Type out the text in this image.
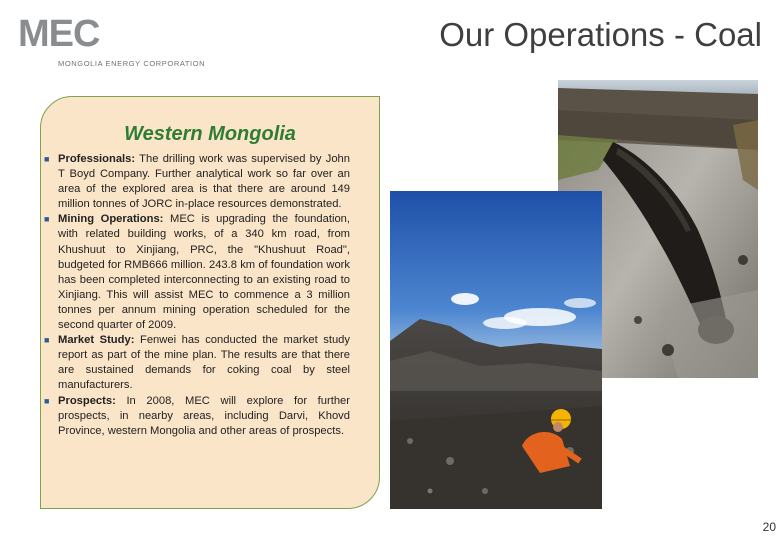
MEC
MONGOLIA ENERGY CORPORATION
Our Operations - Coal
Western Mongolia
■ Professionals: The drilling work was supervised by John T Boyd Company. Further analytical work so far over an area of the explored area is that there are around 149 million tonnes of JORC in-place resources demonstrated.
■ Mining Operations: MEC is upgrading the foundation, with related building works, of a 340 km road, from Khushuut to Xinjiang, PRC, the "Khushuut Road", budgeted for RMB666 million. 243.8 km of foundation work has been completed interconnecting to an existing road to Xinjiang. This will assist MEC to commence a 3 million tonnes per annum mining operation scheduled for the second quarter of 2009.
■ Market Study: Fenwei has conducted the market study report as part of the mine plan. The results are that there are sustained demands for coking coal by steel manufacturers.
■ Prospects: In 2008, MEC will explore for further prospects, in nearby areas, including Darvi, Khovd Province, western Mongolia and other areas of prospects.
20
